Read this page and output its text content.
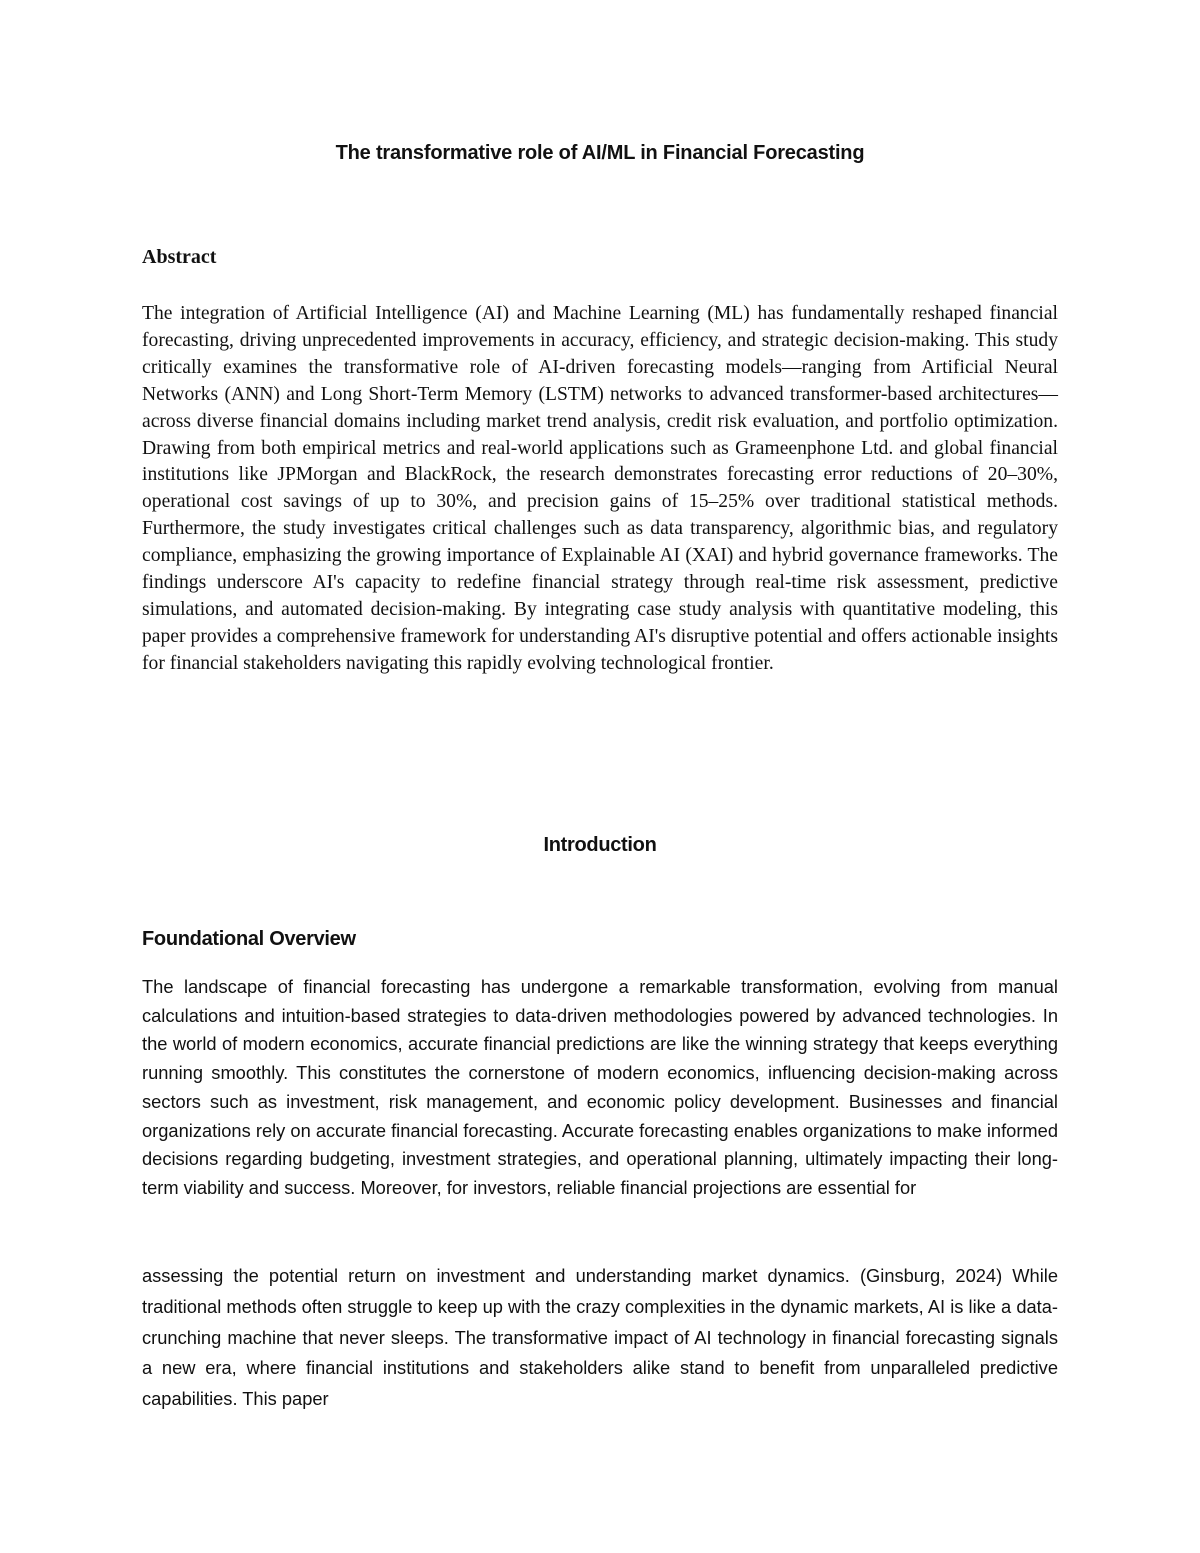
The transformative role of AI/ML in Financial Forecasting
Abstract

The integration of Artificial Intelligence (AI) and Machine Learning (ML) has fundamentally reshaped financial forecasting, driving unprecedented improvements in accuracy, efficiency, and strategic decision-making. This study critically examines the transformative role of AI-driven forecasting models—ranging from Artificial Neural Networks (ANN) and Long Short-Term Memory (LSTM) networks to advanced transformer-based architectures—across diverse financial domains including market trend analysis, credit risk evaluation, and portfolio optimization. Drawing from both empirical metrics and real-world applications such as Grameenphone Ltd. and global financial institutions like JPMorgan and BlackRock, the research demonstrates forecasting error reductions of 20–30%, operational cost savings of up to 30%, and precision gains of 15–25% over traditional statistical methods. Furthermore, the study investigates critical challenges such as data transparency, algorithmic bias, and regulatory compliance, emphasizing the growing importance of Explainable AI (XAI) and hybrid governance frameworks. The findings underscore AI's capacity to redefine financial strategy through real-time risk assessment, predictive simulations, and automated decision-making. By integrating case study analysis with quantitative modeling, this paper provides a comprehensive framework for understanding AI's disruptive potential and offers actionable insights for financial stakeholders navigating this rapidly evolving technological frontier.

Introduction
Foundational Overview

The landscape of financial forecasting has undergone a remarkable transformation, evolving from manual calculations and intuition-based strategies to data-driven methodologies powered by advanced technologies. In the world of modern economics, accurate financial predictions are like the winning strategy that keeps everything running smoothly. This constitutes the cornerstone of modern economics, influencing decision-making across sectors such as investment, risk management, and economic policy development. Businesses and financial organizations rely on accurate financial forecasting. Accurate forecasting enables organizations to make informed decisions regarding budgeting, investment strategies, and operational planning, ultimately impacting their long-term viability and success. Moreover, for investors, reliable financial projections are essential for

assessing the potential return on investment and understanding market dynamics. (Ginsburg, 2024) While traditional methods often struggle to keep up with the crazy complexities in the dynamic markets, AI is like a data-crunching machine that never sleeps. The transformative impact of AI technology in financial forecasting signals a new era, where financial institutions and stakeholders alike stand to benefit from unparalleled predictive capabilities. This paper
